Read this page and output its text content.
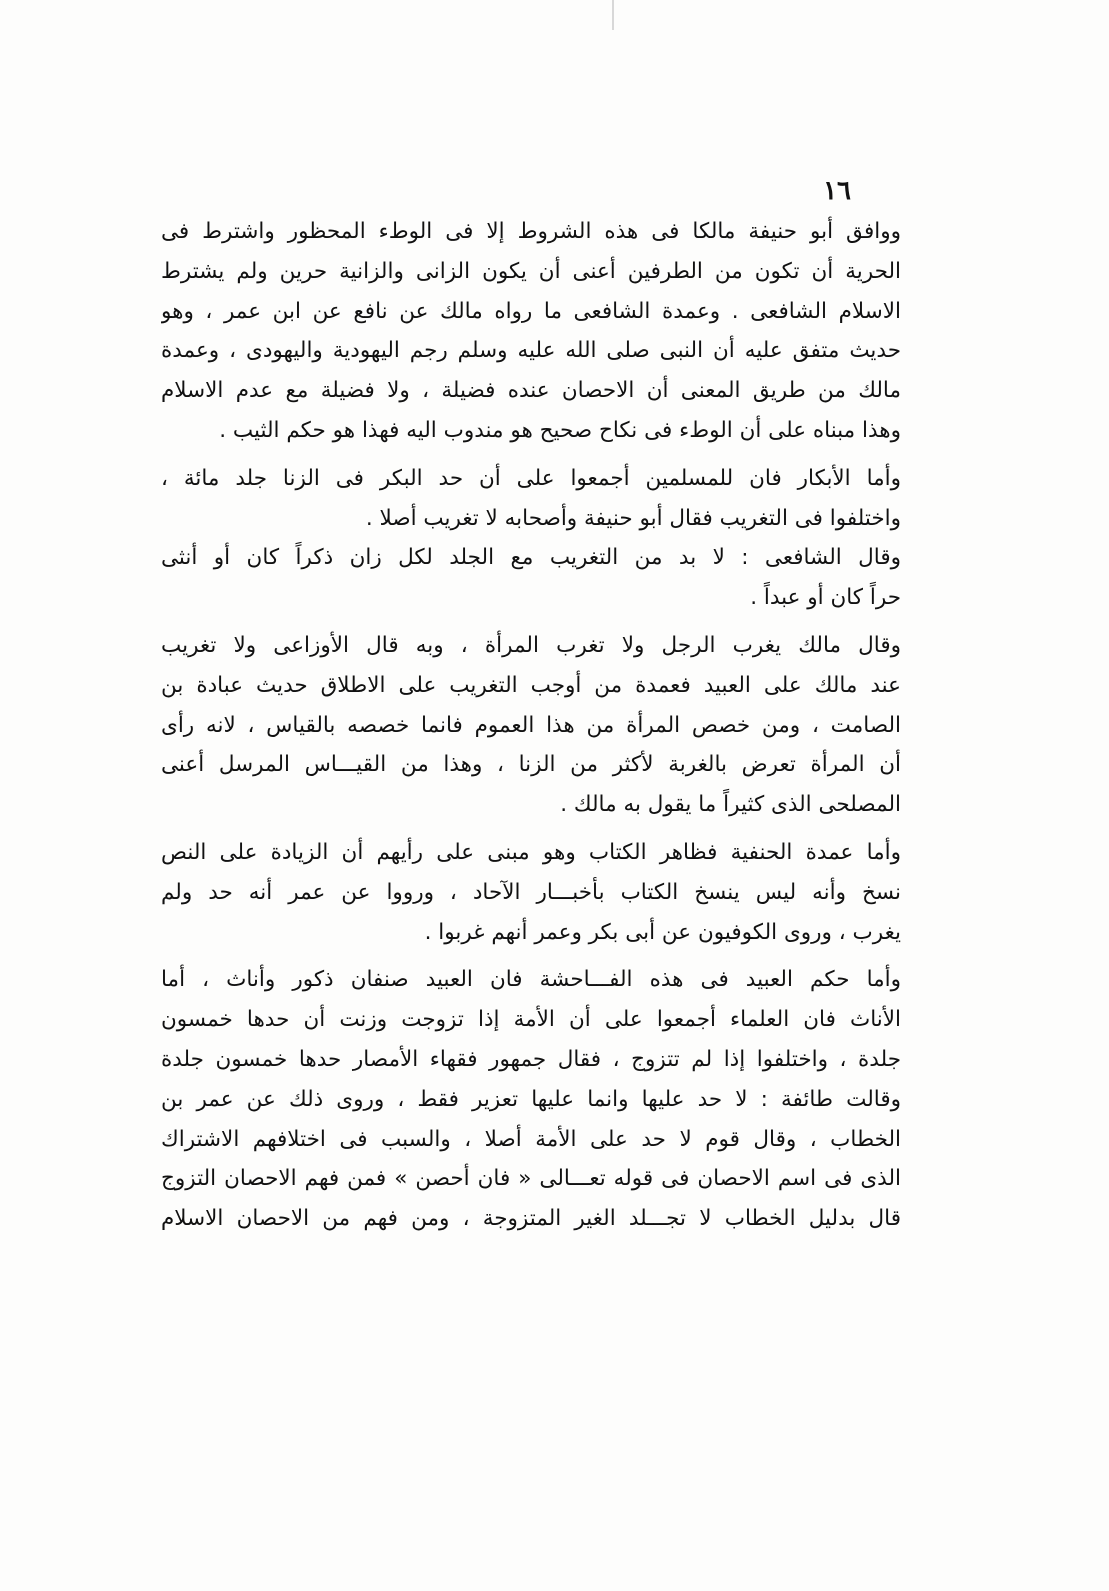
١٦
ووافق أبو حنيفة مالكا فى هذه الشروط إلا فى الوطء المحظور واشترط فى
الحرية أن تكون من الطرفين أعنى أن يكون الزانى والزانية حرين ولم يشترط
الاسلام الشافعى . وعمدة الشافعى ما رواه مالك عن نافع عن ابن عمر ، وهو
حديث متفق عليه أن النبى صلى الله عليه وسلم رجم اليهودية واليهودى ، وعمدة
مالك من طريق المعنى أن الاحصان عنده فضيلة ، ولا فضيلة مع عدم الاسلام
وهذا مبناه على أن الوطء فى نكاح صحيح هو مندوب اليه فهذا هو حكم الثيب .
وأما الأبكار فان للمسلمين أجمعوا على أن حد البكر فى الزنا جلد مائة ،
واختلفوا فى التغريب فقال أبو حنيفة وأصحابه لا تغريب أصلا .
وقال الشافعى : لا بد من التغريب مع الجلد لكل زان ذكراً كان أو أنثى
حراً كان أو عبداً .
وقال مالك يغرب الرجل ولا تغرب المرأة ، وبه قال الأوزاعى ولا تغريب
عند مالك على العبيد فعمدة من أوجب التغريب على الاطلاق حديث عبادة بن
الصامت ، ومن خصص المرأة من هذا العموم فانما خصصه بالقياس ، لانه رأى
أن المرأة تعرض بالغربة لأكثر من الزنا ، وهذا من القيـــاس المرسل أعنى
المصلحى الذى كثيراً ما يقول به مالك .
وأما عمدة الحنفية فظاهر الكتاب وهو مبنى على رأيهم أن الزيادة على النص
نسخ وأنه ليس ينسخ الكتاب بأخبـــار الآحاد ، ورووا عن عمر أنه حد ولم
يغرب ، وروى الكوفيون عن أبى بكر وعمر أنهم غربوا .
وأما حكم العبيد فى هذه الفـــاحشة فان العبيد صنفان ذكور وأناث ، أما
الأناث فان العلماء أجمعوا على أن الأمة إذا تزوجت وزنت أن حدها خمسون
جلدة ، واختلفوا إذا لم تتزوج ، فقال جمهور فقهاء الأمصار حدها خمسون جلدة
وقالت طائفة : لا حد عليها وانما عليها تعزير فقط ، وروى ذلك عن عمر بن
الخطاب ، وقال قوم لا حد على الأمة أصلا ، والسبب فى اختلافهم الاشتراك
الذى فى اسم الاحصان فى قوله تعـــالى « فان أحصن » فمن فهم الاحصان التزوج
قال بدليل الخطاب لا تجـــلد الغير المتزوجة ، ومن فهم من الاحصان الاسلام
